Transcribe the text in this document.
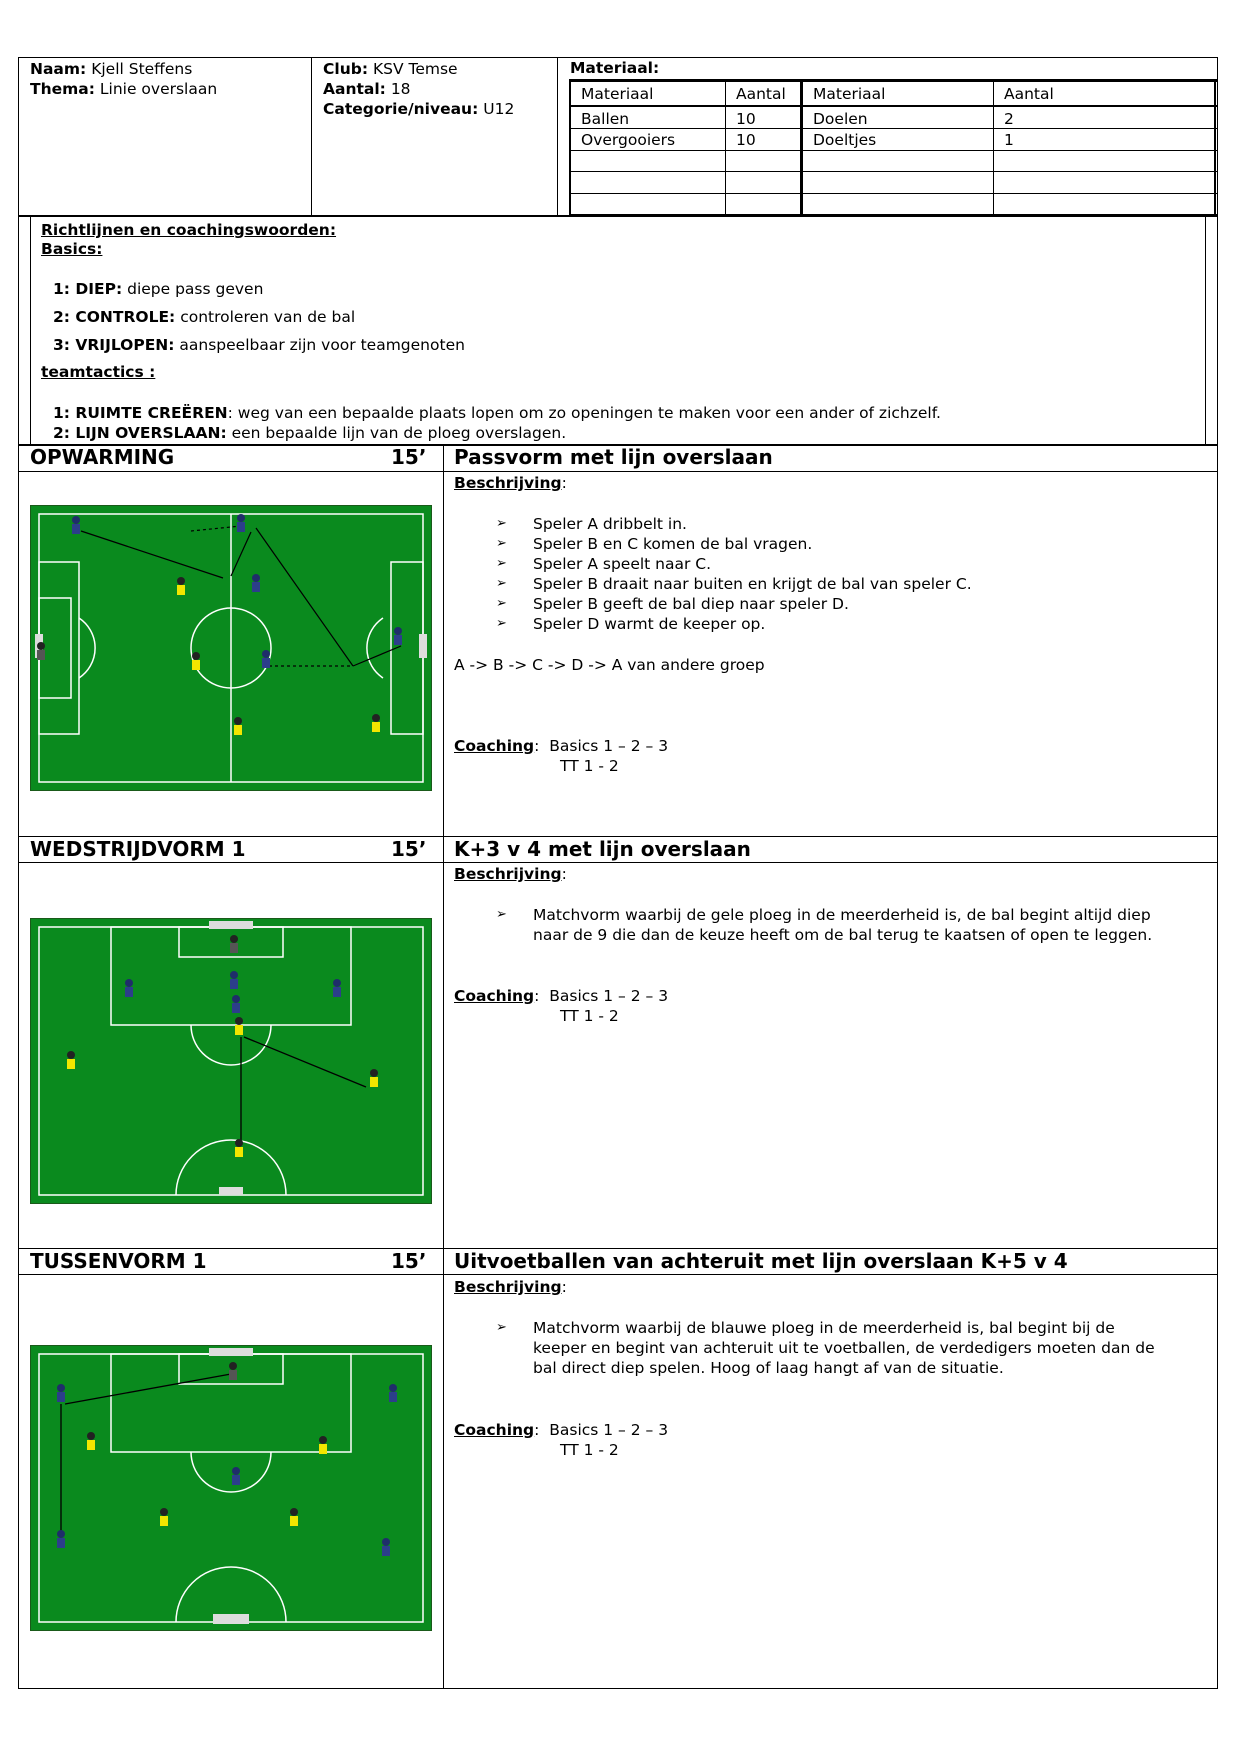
Naam: Kjell Steffens
Thema: Linie overslaan
Club: KSV Temse
Aantal: 18
Categorie/niveau: U12
Materiaal:
Materiaal	Aantal	Materiaal	Aantal
Ballen	10	Doelen	2
Overgooiers	10	Doeltjes	1
Richtlijnen en coachingswoorden:
Basics:
1: DIEP: diepe pass geven
2: CONTROLE: controleren van de bal
3: VRIJLOPEN: aanspeelbaar zijn voor teamgenoten
teamtactics :
1: RUIMTE CREËREN: weg van een bepaalde plaats lopen om zo openingen te maken voor een ander of zichzelf.
2: LIJN OVERSLAAN: een bepaalde lijn van de ploeg overslagen.
OPWARMING	15’ Passvorm met lijn overslaan
Beschrijving:
➢ Speler A dribbelt in.
➢ Speler B en C komen de bal vragen.
➢ Speler A speelt naar C.
➢ Speler B draait naar buiten en krijgt de bal van speler C.
➢ Speler B geeft de bal diep naar speler D.
➢ Speler D warmt de keeper op.
A -> B -> C -> D -> A van andere groep
Coaching:  Basics 1 – 2 – 3
TT 1 - 2
WEDSTRIJDVORM 1	15’ K+3 v 4 met lijn overslaan
Beschrijving:
➢ Matchvorm waarbij de gele ploeg in de meerderheid is, de bal begint altijd diep
naar de 9 die dan de keuze heeft om de bal terug te kaatsen of open te leggen.
Coaching:  Basics 1 – 2 – 3
TT 1 - 2
TUSSENVORM 1	15’ Uitvoetballen van achteruit met lijn overslaan K+5 v 4
Beschrijving:
➢ Matchvorm waarbij de blauwe ploeg in de meerderheid is, bal begint bij de
keeper en begint van achteruit uit te voetballen, de verdedigers moeten dan de
bal direct diep spelen. Hoog of laag hangt af van de situatie.
Coaching:  Basics 1 – 2 – 3
TT 1 - 2
